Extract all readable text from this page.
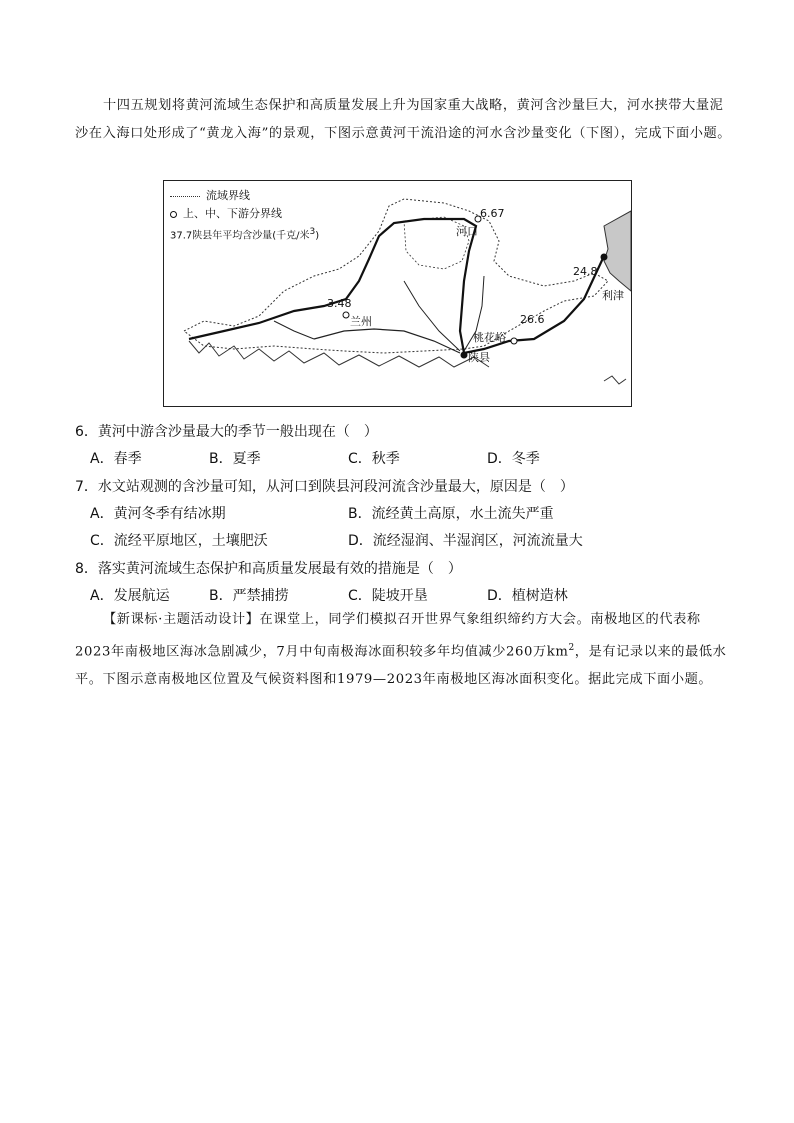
十四五规划将黄河流域生态保护和高质量发展上升为国家重大战略，黄河含沙量巨大，河水挟带大量泥沙在入海口处形成了“黄龙入海”的景观，下图示意黄河干流沿途的河水含沙量变化（下图），完成下面小题。
流域界线
上、中、下游分界线
37.7陕县年平均含沙量(千克/米3)
6.67
河口
3.48
兰州	26.6
桃花峪
陕县
24.8
利津
6．黄河中游含沙量最大的季节一般出现在（　）
A．春季	B．夏季	C．秋季	D．冬季
7．水文站观测的含沙量可知，从河口到陕县河段河流含沙量最大，原因是（　）
A．黄河冬季有结冰期	B．流经黄土高原，水土流失严重
C．流经平原地区，土壤肥沃	D．流经湿润、半湿润区，河流流量大
8．落实黄河流域生态保护和高质量发展最有效的措施是（　）
A．发展航运	B．严禁捕捞	C．陡坡开垦	D．植树造林
【新课标·主题活动设计】在课堂上，同学们模拟召开世界气象组织缔约方大会。南极地区的代表称2023年南极地区海冰急剧减少，7月中旬南极海冰面积较多年均值减少260万$km^2$，是有记录以来的最低水平。下图示意南极地区位置及气候资料图和1979—2023年南极地区海冰面积变化。据此完成下面小题。
